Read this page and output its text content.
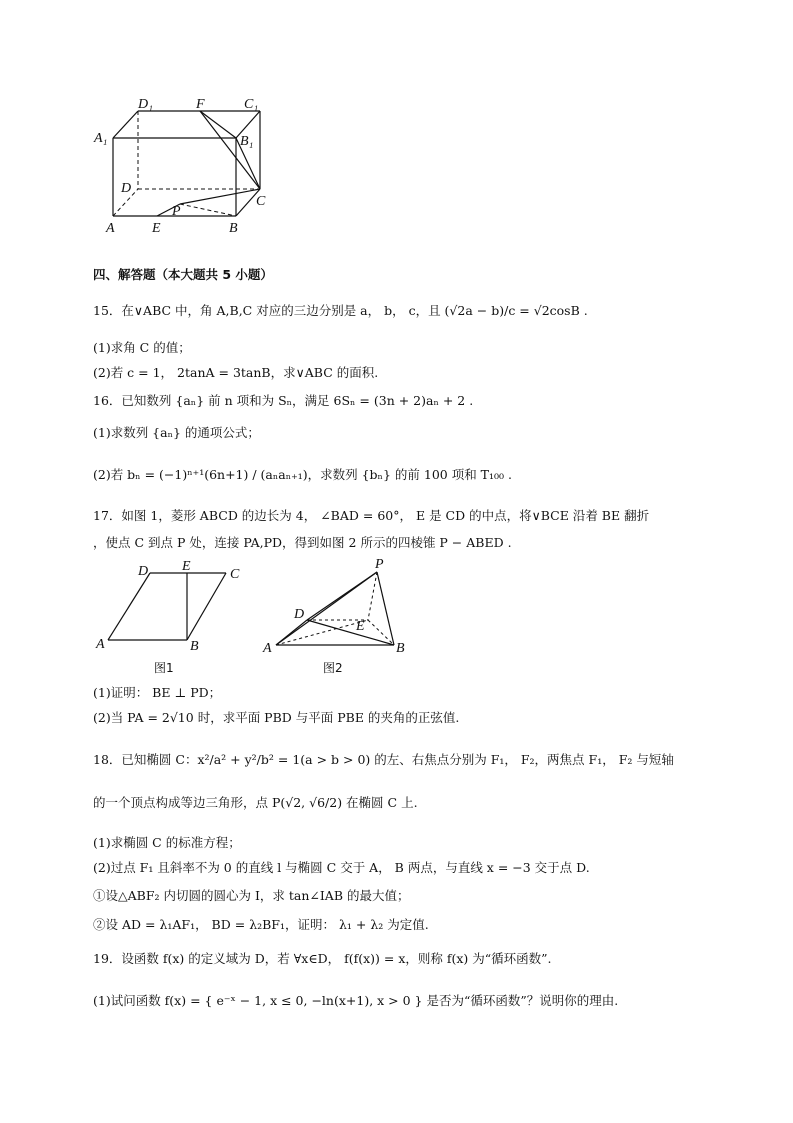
D₁	F	C₁
A₁	B₁
D
P
C
A	E	B
四、解答题（本大题共 5 小题）
15．在∨ABC 中，角 A,B,C 对应的三边分别是 a， b， c，且 (√2a − b)/c = √2cosB .
(1)求角 C 的值；
(2)若 c = 1， 2tanA = 3tanB，求∨ABC 的面积.
16．已知数列 {aₙ} 前 n 项和为 Sₙ，满足 6Sₙ = (3n + 2)aₙ + 2 .
(1)求数列 {aₙ} 的通项公式；
(2)若 bₙ = (−1)ⁿ⁺¹(6n+1) / (aₙaₙ₊₁)，求数列 {bₙ} 的前 100 项和 T₁₀₀ .
17．如图 1，菱形 ABCD 的边长为 4， ∠BAD = 60°， E 是 CD 的中点，将∨BCE 沿着 BE 翻折
，使点 C 到点 P 处，连接 PA,PD，得到如图 2 所示的四棱锥 P − ABED .
D E
C
A	B
图1
P
D
E
A	B
图2
(1)证明： BE ⊥ PD；
(2)当 PA = 2√10 时，求平面 PBD 与平面 PBE 的夹角的正弦值.
18．已知椭圆 C：x²/a² + y²/b² = 1(a > b > 0) 的左、右焦点分别为 F₁， F₂，两焦点 F₁， F₂ 与短轴
的一个顶点构成等边三角形，点 P(√2, √6/2) 在椭圆 C 上.
(1)求椭圆 C 的标准方程；
(2)过点 F₁ 且斜率不为 0 的直线 l 与椭圆 C 交于 A， B 两点，与直线 x = −3 交于点 D.
①设△ABF₂ 内切圆的圆心为 I，求 tan∠IAB 的最大值；
②设 AD = λ₁AF₁， BD = λ₂BF₁，证明： λ₁ + λ₂ 为定值.
19．设函数 f(x) 的定义域为 D，若 ∀x∈D， f(f(x)) = x，则称 f(x) 为“循环函数”.
(1)试问函数 f(x) = { e⁻ˣ − 1, x ≤ 0, −ln(x+1), x > 0 } 是否为“循环函数”？说明你的理由.
